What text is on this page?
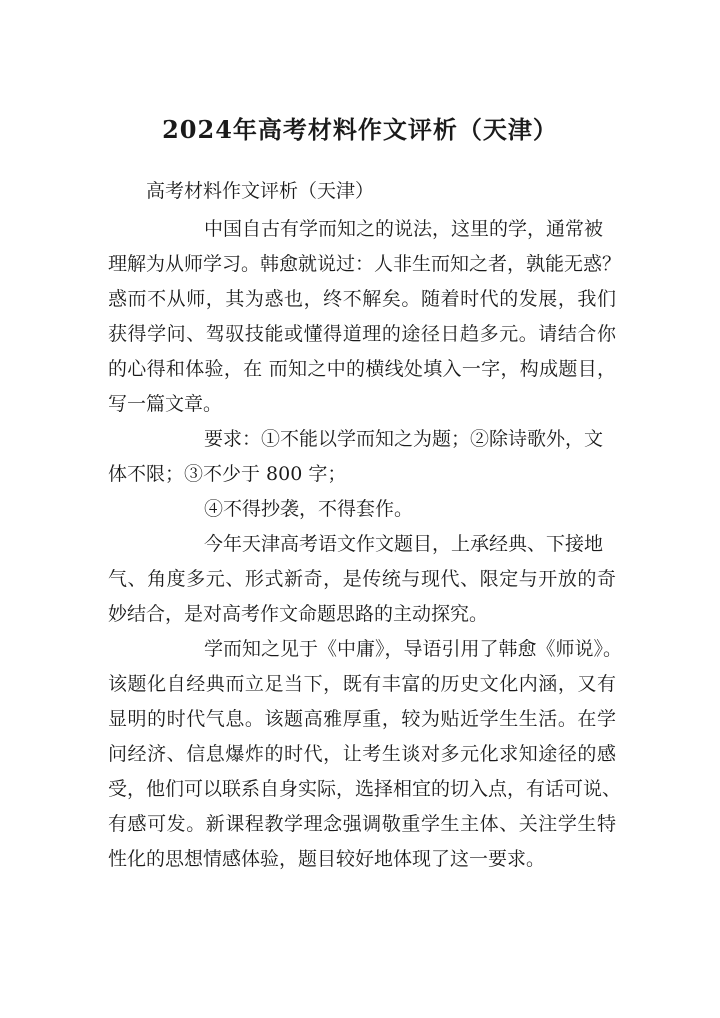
2024年高考材料作文评析（天津）
高考材料作文评析（天津）
中国自古有学而知之的说法，这里的学，通常被
理解为从师学习。韩愈就说过：人非生而知之者，孰能无惑？
惑而不从师，其为惑也，终不解矣。随着时代的发展，我们
获得学问、驾驭技能或懂得道理的途径日趋多元。请结合你
的心得和体验，在 而知之中的横线处填入一字，构成题目，
写一篇文章。
要求：①不能以学而知之为题；②除诗歌外，文
体不限；③不少于 800 字；
④不得抄袭，不得套作。
今年天津高考语文作文题目，上承经典、下接地
气、角度多元、形式新奇，是传统与现代、限定与开放的奇
妙结合，是对高考作文命题思路的主动探究。
学而知之见于《中庸》，导语引用了韩愈《师说》。
该题化自经典而立足当下，既有丰富的历史文化内涵，又有
显明的时代气息。该题高雅厚重，较为贴近学生生活。在学
问经济、信息爆炸的时代，让考生谈对多元化求知途径的感
受，他们可以联系自身实际，选择相宜的切入点，有话可说、
有感可发。新课程教学理念强调敬重学生主体、关注学生特
性化的思想情感体验，题目较好地体现了这一要求。
